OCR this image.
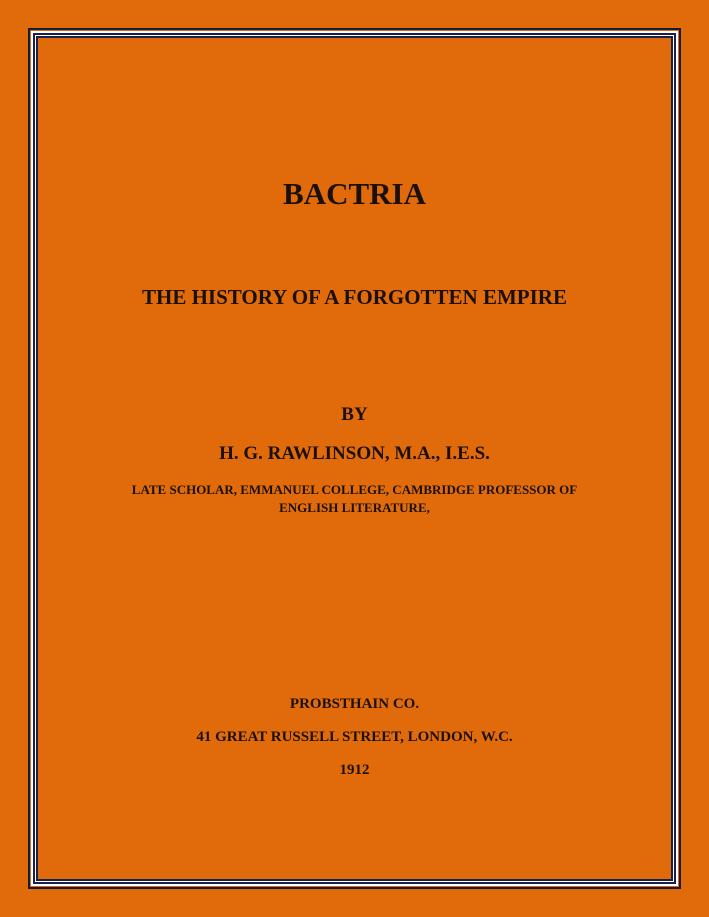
BACTRIA
THE HISTORY OF A FORGOTTEN EMPIRE
BY
H. G. RAWLINSON, M.A., I.E.S.
LATE SCHOLAR, EMMANUEL COLLEGE, CAMBRIDGE PROFESSOR OF ENGLISH LITERATURE,
PROBSTHAIN CO.
41 GREAT RUSSELL STREET, LONDON, W.C.
1912
